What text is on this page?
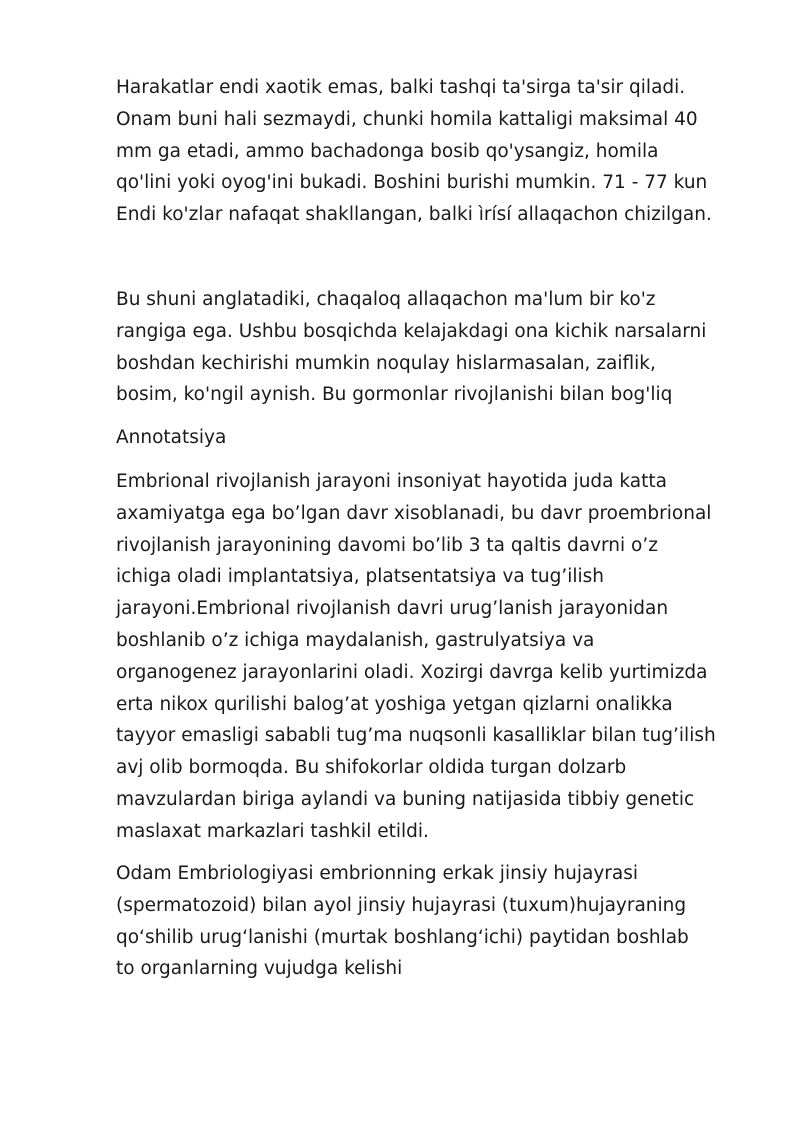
Harakatlar endi xaotik emas, balki tashqi ta'sirga ta'sir qiladi.
Onam buni hali sezmaydi, chunki homila kattaligi maksimal 40
mm ga etadi, ammo bachadonga bosib qo'ysangiz, homila
qo'lini yoki oyog'ini bukadi. Boshini burishi mumkin. 71 - 77 kun
Endi ko'zlar nafaqat shakllangan, balki ìrísí allaqachon chizilgan.

Bu shuni anglatadiki, chaqaloq allaqachon ma'lum bir ko'z
rangiga ega. Ushbu bosqichda kelajakdagi ona kichik narsalarni
boshdan kechirishi mumkin noqulay hislarmasalan, zaiflik,
bosim, ko'ngil aynish. Bu gormonlar rivojlanishi bilan bog'liq

Annotatsiya

Embrional rivojlanish jarayoni insoniyat hayotida juda katta
axamiyatga ega bo’lgan davr xisoblanadi, bu davr proembrional
rivojlanish jarayonining davomi bo’lib 3 ta qaltis davrni o’z
ichiga oladi implantatsiya, platsentatsiya va tug’ilish
jarayoni.Embrional rivojlanish davri urug’lanish jarayonidan
boshlanib o’z ichiga maydalanish, gastrulyatsiya va
organogenez jarayonlarini oladi. Xozirgi davrga kelib yurtimizda
erta nikox qurilishi balog’at yoshiga yetgan qizlarni onalikka
tayyor emasligi sababli tug’ma nuqsonli kasalliklar bilan tug’ilish
avj olib bormoqda. Bu shifokorlar oldida turgan dolzarb
mavzulardan biriga aylandi va buning natijasida tibbiy genetic
maslaxat markazlari tashkil etildi.

Odam Embriologiyasi embrionning erkak jinsiy hujayrasi
(spermatozoid) bilan ayol jinsiy hujayrasi (tuxum)hujayraning
qo‘shilib urug‘lanishi (murtak boshlang‘ichi) paytidan boshlab
to organlarning vujudga kelishi
